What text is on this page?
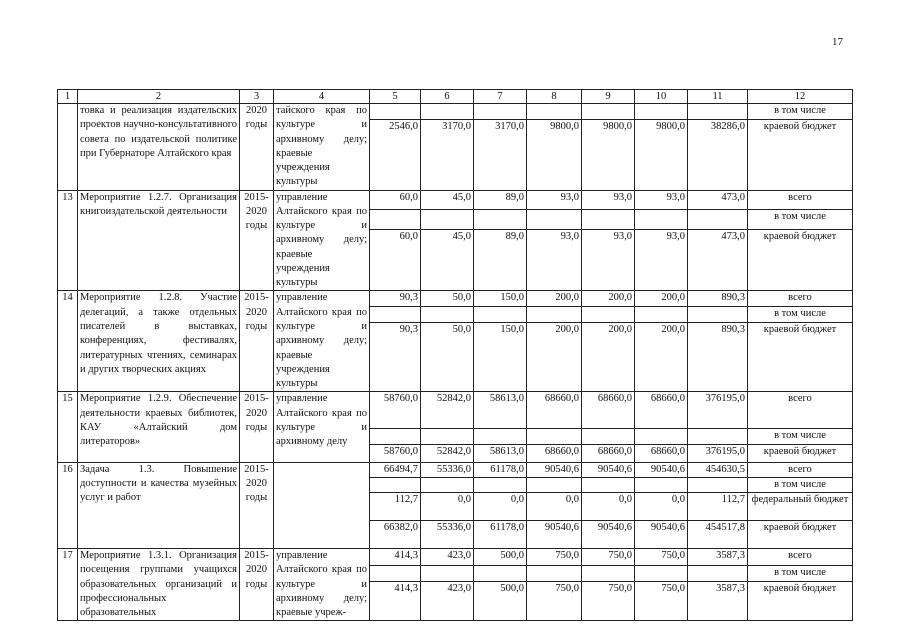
17
1	2	3	4	5	6	7	8	9	10	11	12
	товка и реализация издательских проектов научно-консультативного совета по издательской политике при Губернаторе Алтайского края	2020 годы	тайского края по культуре и архивному делу; краевые учреждения культуры								в том числе
				2546,0	3170,0	3170,0	9800,0	9800,0	9800,0	38286,0	краевой бюджет
13	Мероприятие 1.2.7. Организация книгоиздательской деятельности	2015-2020 годы	управление Алтайского края по культуре и архивному делу; краевые учреждения культуры	60,0	45,0	89,0	93,0	93,0	93,0	473,0	всего
											в том числе
				60,0	45,0	89,0	93,0	93,0	93,0	473,0	краевой бюджет
14	Мероприятие 1.2.8. Участие делегаций, а также отдельных писателей в выставках, конференциях, фестивалях, литературных чтениях, семинарах и других творческих акциях	2015-2020 годы	управление Алтайского края по культуре и архивному делу; краевые учреждения культуры	90,3	50,0	150,0	200,0	200,0	200,0	890,3	всего
											в том числе
				90,3	50,0	150,0	200,0	200,0	200,0	890,3	краевой бюджет
15	Мероприятие 1.2.9. Обеспечение деятельности краевых библиотек, КАУ «Алтайский дом литераторов»	2015-2020 годы	управление Алтайского края по культуре и архивному делу	58760,0	52842,0	58613,0	68660,0	68660,0	68660,0	376195,0	всего
											в том числе
				58760,0	52842,0	58613,0	68660,0	68660,0	68660,0	376195,0	краевой бюджет
16	Задача 1.3. Повышение доступности и качества музейных услуг и работ	2015-2020 годы		66494,7	55336,0	61178,0	90540,6	90540,6	90540,6	454630,5	всего
											в том числе
				112,7	0,0	0,0	0,0	0,0	0,0	112,7	федеральный бюджет
				66382,0	55336,0	61178,0	90540,6	90540,6	90540,6	454517,8	краевой бюджет
17	Мероприятие 1.3.1. Организация посещения группами учащихся образовательных организаций и профессиональных образовательных	2015-2020 годы	управление Алтайского края по культуре и архивному делу; краевые учреж-	414,3	423,0	500,0	750,0	750,0	750,0	3587,3	всего
											в том числе
				414,3	423,0	500,0	750,0	750,0	750,0	3587,3	краевой бюджет
